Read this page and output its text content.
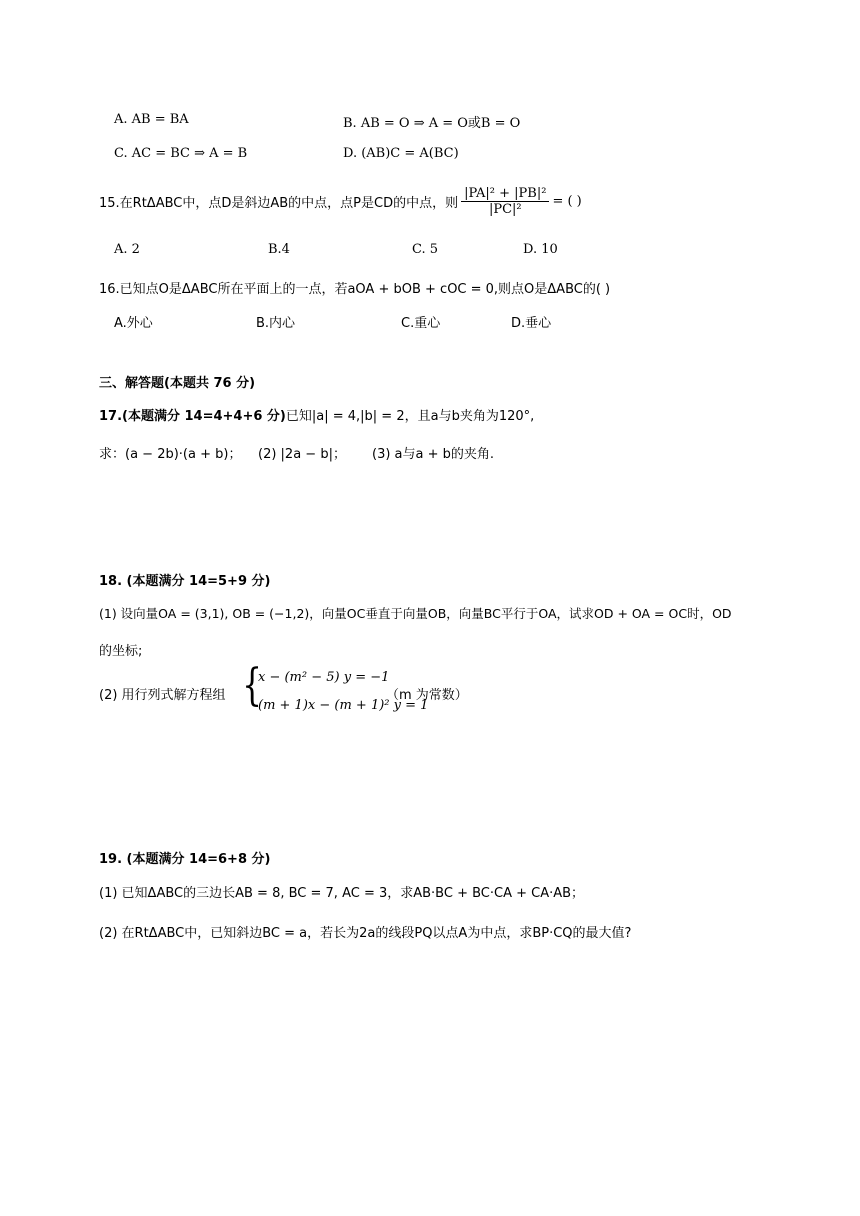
A. AB = BA	B. AB = O ⇒ A = O或B = O
C. AC = BC ⇒ A = B	D. (AB)C = A(BC)
15.在RtΔABC中，点D是斜边AB的中点，点P是CD的中点，则 $\frac{\text{|PA|² + |PB|²}}{\text{|PC|²}}$ = ( )
A. 2	B.4	C. 5	D. 10
16.已知点O是ΔABC所在平面上的一点，若aOA + bOB + cOC = 0,则点O是ΔABC的( )
A.外心	B.内心	C.重心	D.垂心
三、解答题(本题共 76 分)
17.(本题满分 14=4+4+6 分)已知|a| = 4,|b| = 2，且a与b夹角为120°,
求：(a − 2b)·(a + b)； (2) |2a − b|； (3) a与a + b的夹角.
18. (本题满分 14=5+9 分)
(1) 设向量OA = (3,1), OB = (−1,2)，向量OC垂直于向量OB，向量BC平行于OA，试求OD + OA = OC时，OD
的坐标;
(2) 用行列式解方程组 {
x − (m² − 5) y = −1
(m + 1)x − (m + 1)² y = 1
（m 为常数）
19. (本题满分 14=6+8 分)
(1) 已知ΔABC的三边长AB = 8, BC = 7, AC = 3，求AB·BC + BC·CA + CA·AB；
(2) 在RtΔABC中，已知斜边BC = a，若长为2a的线段PQ以点A为中点，求BP·CQ的最大值?
